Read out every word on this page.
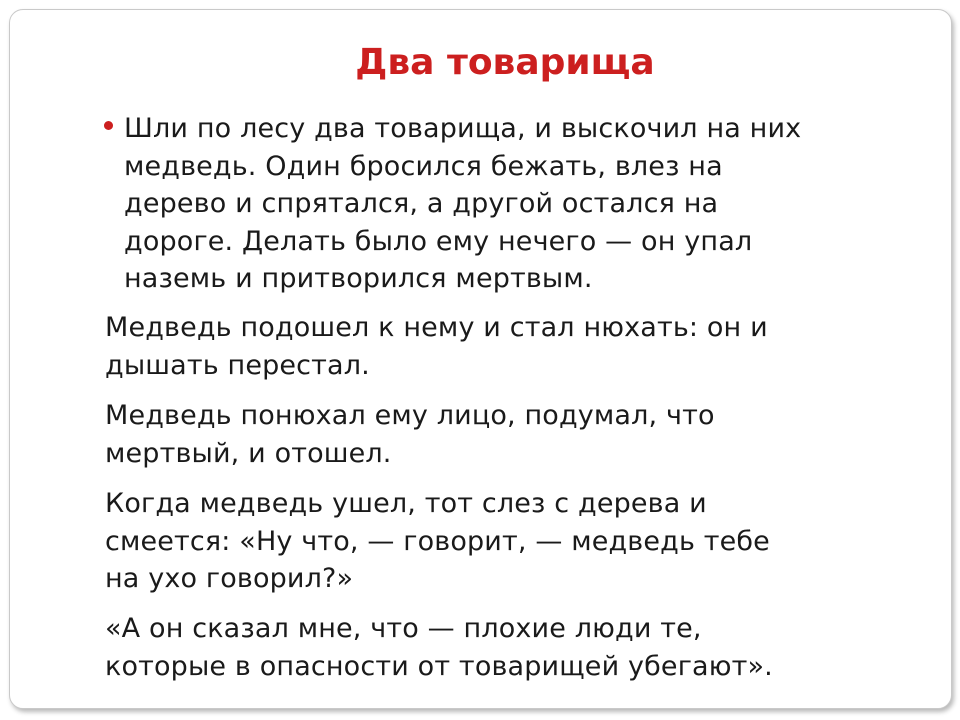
Два товарища

Шли по лесу два товарища, и выскочил на них
медведь. Один бросился бежать, влез на
дерево и спрятался, а другой остался на
дороге. Делать было ему нечего — он упал
наземь и притворился мертвым.

Медведь подошел к нему и стал нюхать: он и
дышать перестал.

Медведь понюхал ему лицо, подумал, что
мертвый, и отошел.

Когда медведь ушел, тот слез с дерева и
смеется: «Ну что, — говорит, — медведь тебе
на ухо говорил?»

«А он сказал мне, что — плохие люди те,
которые в опасности от товарищей убегают».
